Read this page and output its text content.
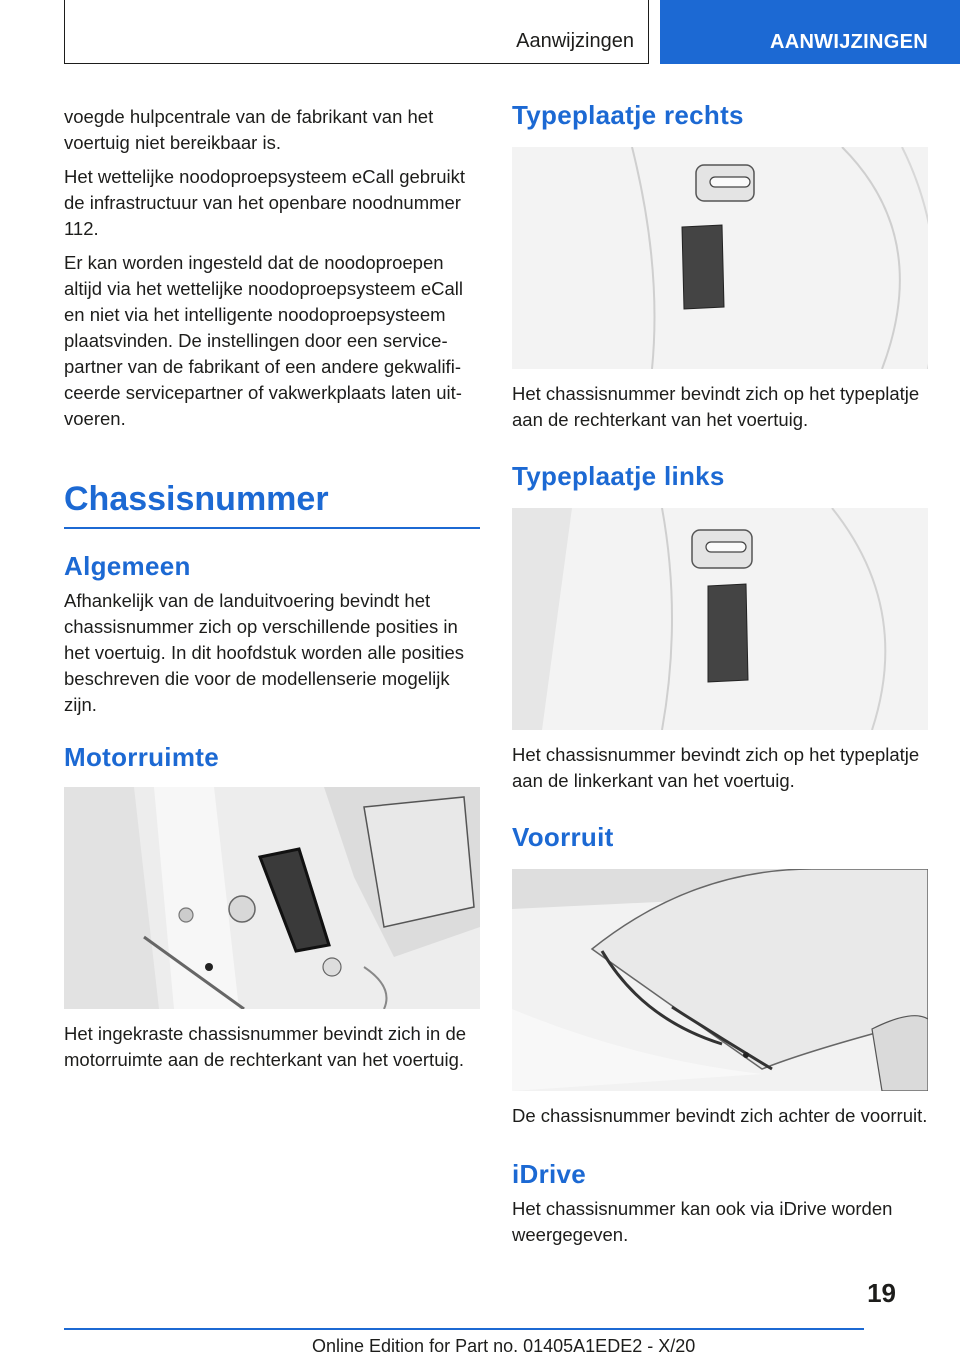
Aanwijzingen	AANWIJZINGEN

voegde hulpcentrale van de fabrikant van het voertuig niet bereikbaar is.

Het wettelijke noodoproepsysteem eCall gebruikt de infrastructuur van het openbare noodnummer 112.

Er kan worden ingesteld dat de noodoproepen altijd via het wettelijke noodoproepsysteem eCall en niet via het intelligente noodoproepsysteem plaatsvinden. De instellingen door een servicepartner van de fabrikant of een andere gekwalificeerde servicepartner of vakwerkplaats laten uitvoeren.

Chassisnummer
Algemeen

Afhankelijk van de landuitvoering bevindt het chassisnummer zich op verschillende posities in het voertuig. In dit hoofdstuk worden alle posities beschreven die voor de modellenserie mogelijk zijn.

Motorruimte

Het ingekraste chassisnummer bevindt zich in de motorruimte aan de rechterkant van het voertuig.

Typeplaatje rechts

Het chassisnummer bevindt zich op het typeplatje aan de rechterkant van het voertuig.

Typeplaatje links

Het chassisnummer bevindt zich op het typeplatje aan de linkerkant van het voertuig.

Voorruit

De chassisnummer bevindt zich achter de voorruit.

iDrive

Het chassisnummer kan ook via iDrive worden weergegeven.

19
Online Edition for Part no. 01405A1EDE2 - X/20
